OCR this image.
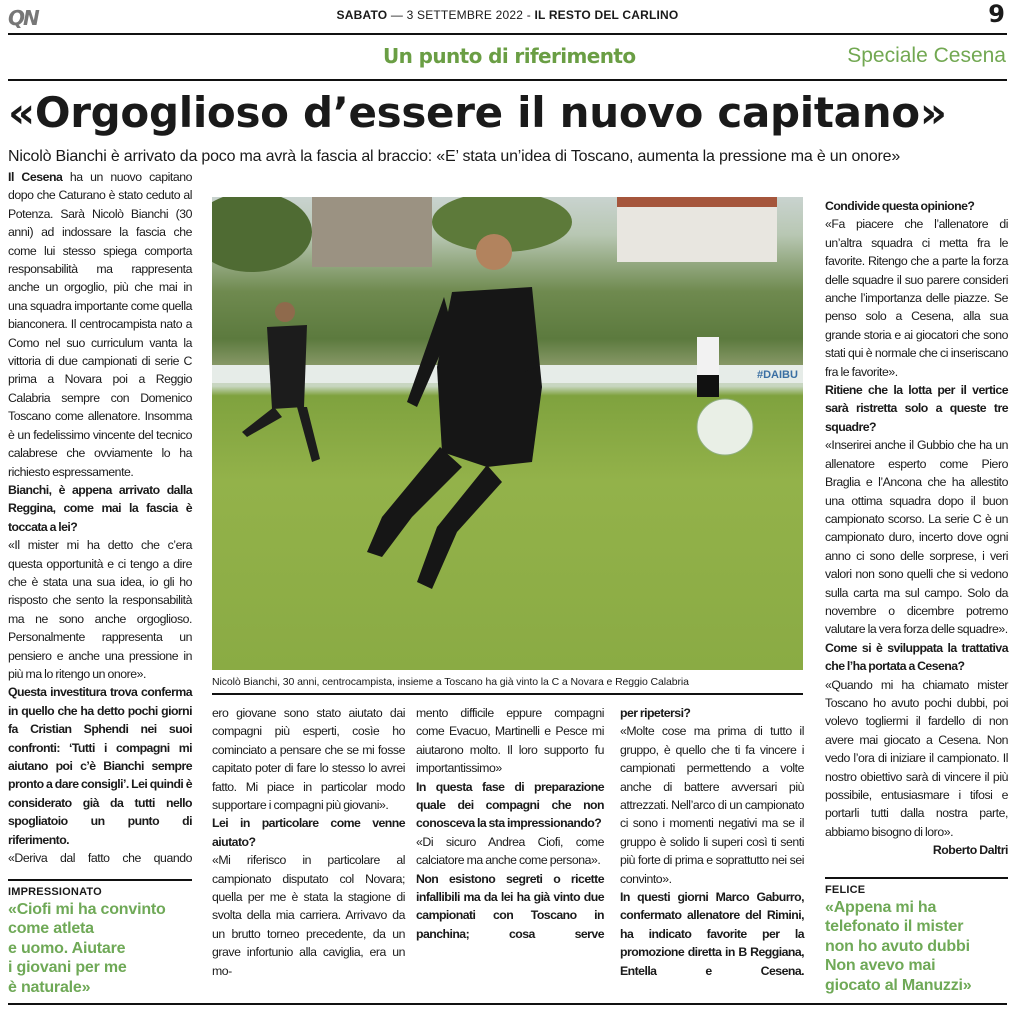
QN	SABATO — 3 SETTEMBRE 2022 - IL RESTO DEL CARLINO	9
Un punto di riferimento	Speciale Cesena
«Orgoglioso d’essere il nuovo capitano»
Nicolò Bianchi è arrivato da poco ma avrà la fascia al braccio: «E’ stata un’idea di Toscano, aumenta la pressione ma è un onore»

Il Cesena ha un nuovo capitano dopo che Caturano è stato ceduto al Potenza. Sarà Nicolò Bianchi (30 anni) ad indossare la fascia che come lui stesso spiega comporta responsabilità ma rappresenta anche un orgoglio, più che mai in una squadra importante come quella bianconera. Il centrocampista nato a Como nel suo curriculum vanta la vittoria di due campionati di serie C prima a Novara poi a Reggio Calabria sempre con Domenico Toscano come allenatore. Insomma è un fedelissimo vincente del tecnico calabrese che ovviamente lo ha richiesto espressamente.

Bianchi, è appena arrivato dalla Reggina, come mai la fascia è toccata a lei?

«Il mister mi ha detto che c’era questa opportunità e ci tengo a dire che è stata una sua idea, io gli ho risposto che sento la responsabilità ma ne sono anche orgoglioso. Personalmente rappresenta un pensiero e anche una pressione in più ma lo ritengo un onore».

Questa investitura trova conferma in quello che ha detto pochi giorni fa Cristian Sphendi nei suoi confronti: ‘Tutti i compagni mi aiutano poi c’è Bianchi sempre pronto a dare consigli’. Lei quindi è considerato già da tutti nello spogliatoio un punto di riferimento.

«Deriva dal fatto che quando

IMPRESSIONATO
«Ciofi mi ha convinto
come atleta
e uomo. Aiutare
i giovani per me
è naturale»
#DAIBU
Nicolò Bianchi, 30 anni, centrocampista, insieme a Toscano ha già vinto la C a Novara e Reggio Calabria

ero giovane sono stato aiutato dai compagni più esperti, cosìe ho cominciato a pensare che se mi fosse capitato poter di fare lo stesso lo avrei fatto. Mi piace in particolar modo supportare i compagni più giovani».

Lei in particolare come venne aiutato?

«Mi riferisco in particolare al campionato disputato col Novara; quella per me è stata la stagione di svolta della mia carriera. Arrivavo da un brutto torneo precedente, da un grave infortunio alla caviglia, era un mo-

mento difficile eppure compagni come Evacuo, Martinelli e Pesce mi aiutarono molto. Il loro supporto fu importantissimo»

In questa fase di preparazione quale dei compagni che non conosceva la sta impressionando?

«Di sicuro Andrea Ciofi, come calciatore ma anche come persona».

Non esistono segreti o ricette infallibili ma da lei ha già vinto due campionati con Toscano in panchina; cosa serve

per ripetersi?

«Molte cose ma prima di tutto il gruppo, è quello che ti fa vincere i campionati permettendo a volte anche di battere avversari più attrezzati. Nell’arco di un campionato ci sono i momenti negativi ma se il gruppo è solido li superi così ti senti più forte di prima e soprattutto nei sei convinto».

In questi giorni Marco Gaburro, confermato allenatore del Rimini, ha indicato favorite per la promozione diretta in B Reggiana, Entella e Cesena.

Condivide questa opinione?

«Fa piacere che l’allenatore di un’altra squadra ci metta fra le favorite. Ritengo che a parte la forza delle squadre il suo parere consideri anche l’importanza delle piazze. Se penso solo a Cesena, alla sua grande storia e ai giocatori che sono stati qui è normale che ci inseriscano fra le favorite».

Ritiene che la lotta per il vertice sarà ristretta solo a queste tre squadre?

«Inserirei anche il Gubbio che ha un allenatore esperto come Piero Braglia e l’Ancona che ha allestito una ottima squadra dopo il buon campionato scorso. La serie C è un campionato duro, incerto dove ogni anno ci sono delle sorprese, i veri valori non sono quelli che si vedono sulla carta ma sul campo. Solo da novembre o dicembre potremo valutare la vera forza delle squadre».

Come si è sviluppata la trattativa che l’ha portata a Cesena?

«Quando mi ha chiamato mister Toscano ho avuto pochi dubbi, poi volevo togliermi il fardello di non avere mai giocato a Cesena. Non vedo l’ora di iniziare il campionato. Il nostro obiettivo sarà di vincere il più possibile, entusiasmare i tifosi e portarli tutti dalla nostra parte, abbiamo bisogno di loro».

Roberto Daltri

FELICE
«Appena mi ha
telefonato il mister
non ho avuto dubbi
Non avevo mai
giocato al Manuzzi»
